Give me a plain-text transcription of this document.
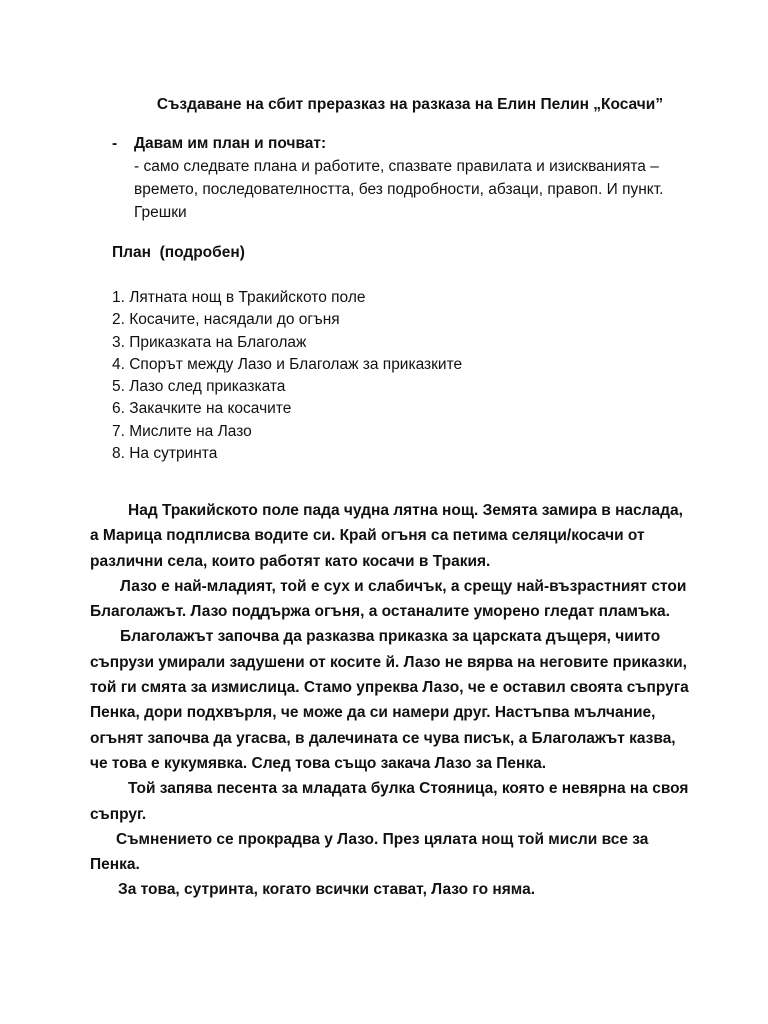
Създаване на сбит преразказ на разказа на Елин Пелин „Косачи”
- Давам им план и почват:
- само следвате плана и работите, спазвате правилата и изискванията – времето, последователността, без подробности, абзаци, правоп. И пункт. Грешки
План  (подробен)
1. Лятната нощ в Тракийското поле
2. Косачите, насядали до огъня
3. Приказката на Благолаж
4. Спорът между Лазо и Благолаж за приказките
5. Лазо след приказката
6. Закачките на косачите
7. Мислите на Лазо
8. На сутринта

Над Тракийското поле пада чудна лятна нощ. Земята замира в наслада, а Марица подплисва водите си. Край огъня са петима селяци/косачи от различни села, които работят като косачи в Тракия.

Лазо е най-младият, той е сух и слабичък, а срещу най-възрастният стои Благолажът. Лазо поддържа огъня, а останалите уморено гледат пламъка.

Благолажът започва да разказва приказка за царската дъщеря, чиито съпрузи умирали задушени от косите й. Лазо не вярва на неговите приказки, той ги смята за измислица. Стамо упреква Лазо, че е оставил своята съпруга Пенка, дори подхвърля, че може да си намери друг. Настъпва мълчание, огънят започва да угасва, в далечината се чува писък, а Благолажът казва, че това е кукумявка. След това също закача Лазо за Пенка.

Той запява песента за младата булка Стояница, която е невярна на своя съпруг.

Съмнението се прокрадва у Лазо. През цялата нощ той мисли все за Пенка.

За това, сутринта, когато всички стават, Лазо го няма.
